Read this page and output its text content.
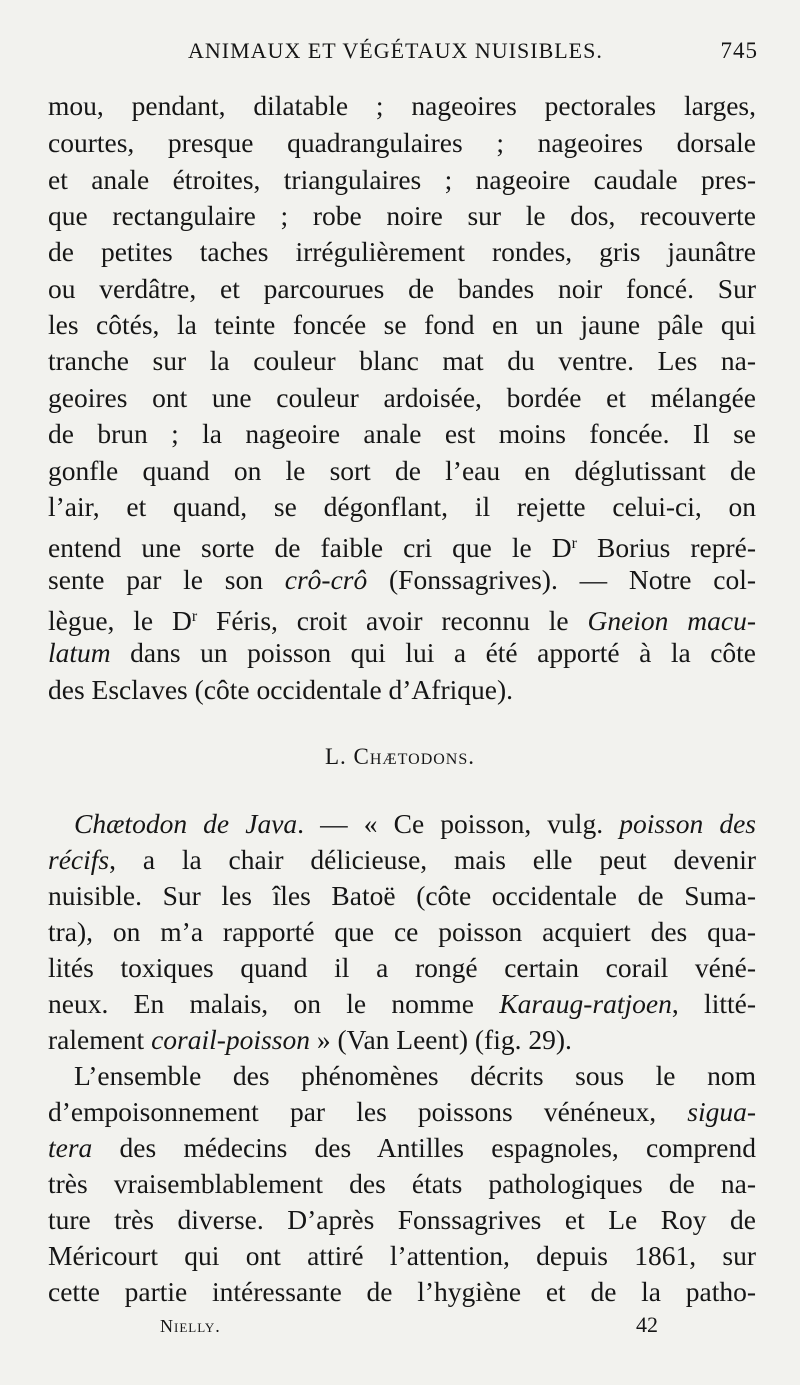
ANIMAUX ET VÉGÉTAUX NUISIBLES.	745
mou, pendant, dilatable ; nageoires pectorales larges,
courtes, presque quadrangulaires ; nageoires dorsale
et anale étroites, triangulaires ; nageoire caudale pres-
que rectangulaire ; robe noire sur le dos, recouverte
de petites taches irrégulièrement rondes, gris jaunâtre
ou verdâtre, et parcourues de bandes noir foncé. Sur
les côtés, la teinte foncée se fond en un jaune pâle qui
tranche sur la couleur blanc mat du ventre. Les na-
geoires ont une couleur ardoisée, bordée et mélangée
de brun ; la nageoire anale est moins foncée. Il se
gonfle quand on le sort de l’eau en déglutissant de
l’air, et quand, se dégonflant, il rejette celui-ci, on
entend une sorte de faible cri que le $D^r$ Borius repré-
sente par le son crô-crô (Fonssagrives). — Notre col-
lègue, le $D^r$ Féris, croit avoir reconnu le Gneion macu-
latum dans un poisson qui lui a été apporté à la côte
des Esclaves (côte occidentale d’Afrique).
L. Chætodons.
Chætodon de Java. — « Ce poisson, vulg. poisson des
récifs, a la chair délicieuse, mais elle peut devenir
nuisible. Sur les îles Batoë (côte occidentale de Suma-
tra), on m’a rapporté que ce poisson acquiert des qua-
lités toxiques quand il a rongé certain corail véné-
neux. En malais, on le nomme Karaug-ratjoen, litté-
ralement corail-poisson » (Van Leent) (fig. 29).
L’ensemble des phénomènes décrits sous le nom
d’empoisonnement par les poissons vénéneux, sigua-
tera des médecins des Antilles espagnoles, comprend
très vraisemblablement des états pathologiques de na-
ture très diverse. D’après Fonssagrives et Le Roy de
Méricourt qui ont attiré l’attention, depuis 1861, sur
cette partie intéressante de l’hygiène et de la patho-
Nielly.	42
